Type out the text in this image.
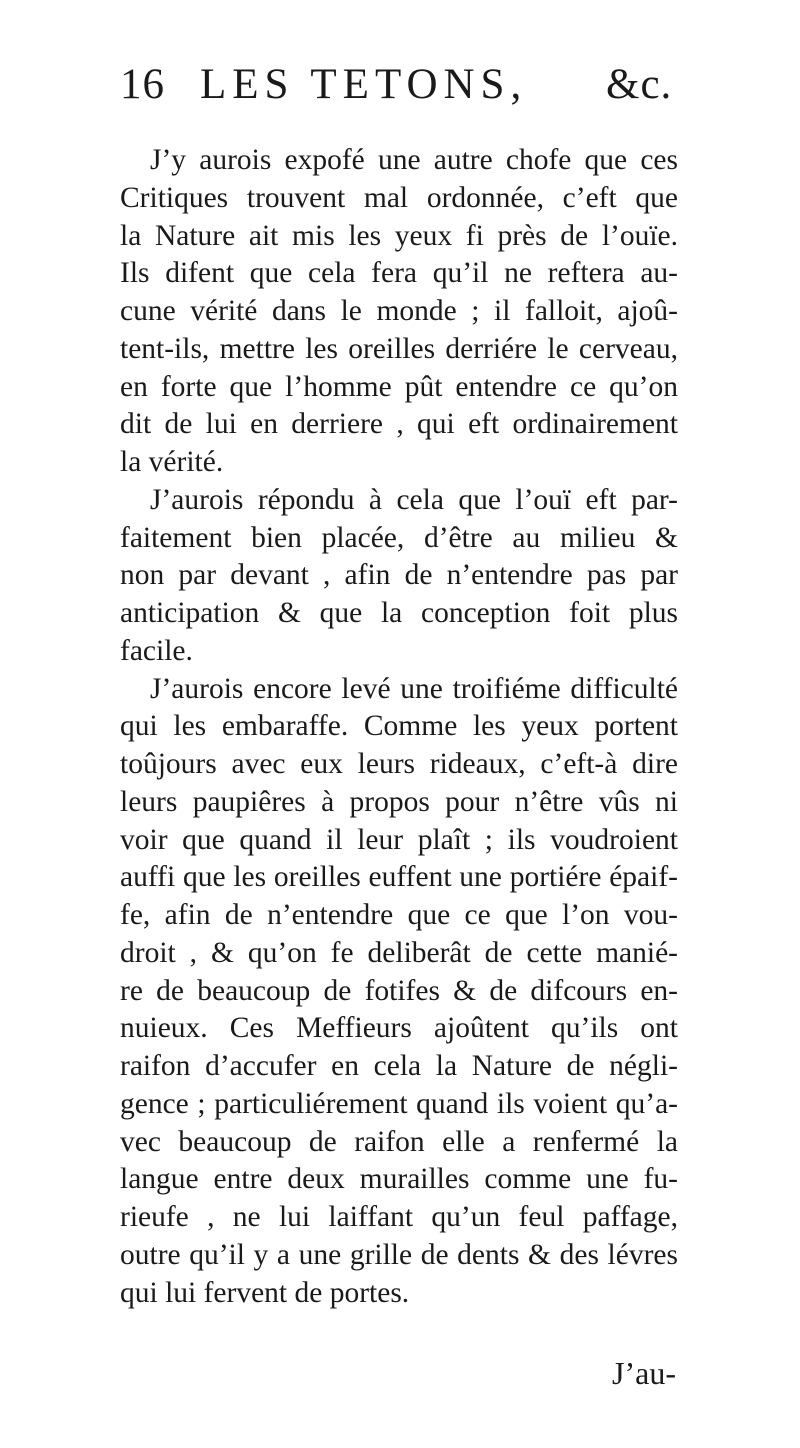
16 LES TETONS, &c.
J’y aurois expofé une autre chofe que ces
Critiques trouvent mal ordonnée, c’eft que
la Nature ait mis les yeux fi près de l’ouïe.
Ils difent que cela fera qu’il ne reftera au-
cune vérité dans le monde ; il falloit, ajoû-
tent-ils, mettre les oreilles derriére le cerveau,
en forte que l’homme pût entendre ce qu’on
dit de lui en derriere , qui eft ordinairement
la vérité.
J’aurois répondu à cela que l’ouï eft par-
faitement bien placée, d’être au milieu &
non par devant , afin de n’entendre pas par
anticipation & que la conception foit plus
facile.
J’aurois encore levé une troifiéme difficulté
qui les embaraffe. Comme les yeux portent
toûjours avec eux leurs rideaux, c’eft-à dire
leurs paupiêres à propos pour n’être vûs ni
voir que quand il leur plaît ; ils voudroient
auffi que les oreilles euffent une portiére épaif-
fe, afin de n’entendre que ce que l’on vou-
droit , & qu’on fe deliberât de cette manié-
re de beaucoup de fotifes & de difcours en-
nuieux. Ces Meffieurs ajoûtent qu’ils ont
raifon d’accufer en cela la Nature de négli-
gence ; particuliérement quand ils voient qu’a-
vec beaucoup de raifon elle a renfermé la
langue entre deux murailles comme une fu-
rieufe , ne lui laiffant qu’un feul paffage,
outre qu’il y a une grille de dents & des lévres
qui lui fervent de portes.
J’au-
